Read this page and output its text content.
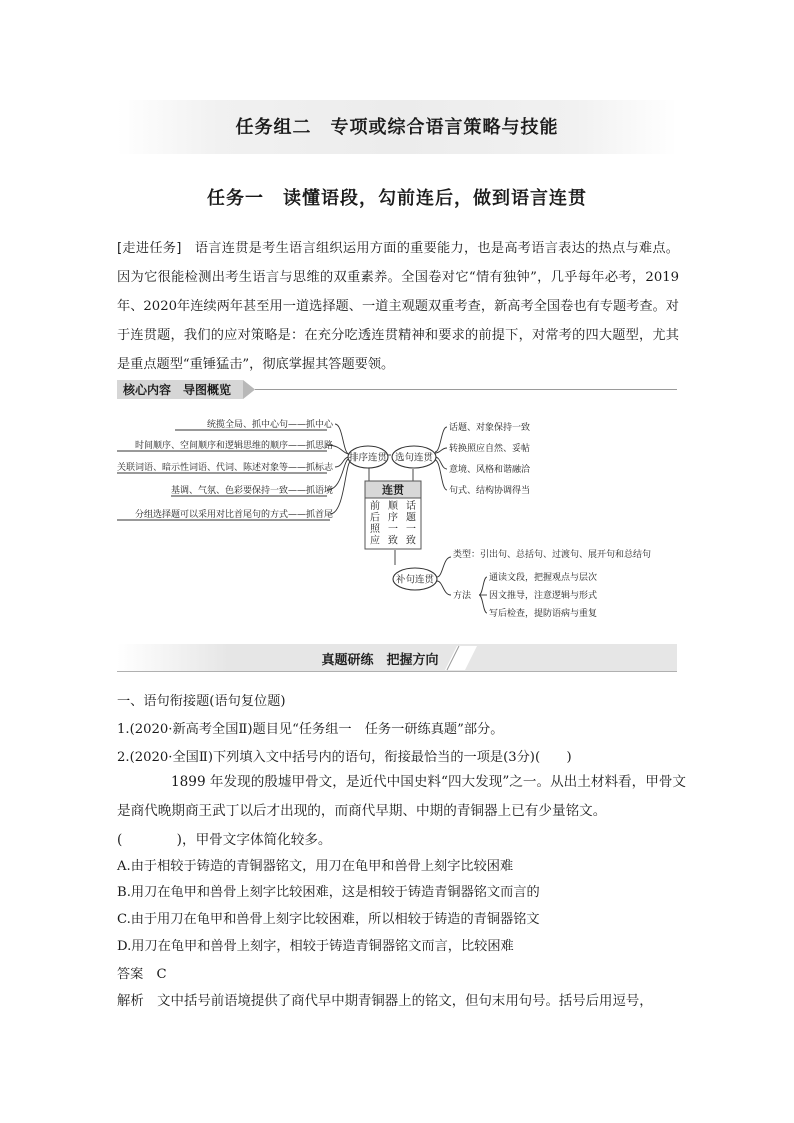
任务组二　专项或综合语言策略与技能
任务一　读懂语段，勾前连后，做到语言连贯
[走进任务]  语言连贯是考生语言组织运用方面的重要能力，也是高考语言表达的热点与难点。因为它很能检测出考生语言与思维的双重素养。全国卷对它“情有独钟”，几乎每年必考，2019年、2020年连续两年甚至用一道选择题、一道主观题双重考查，新高考全国卷也有专题考查。对于连贯题，我们的应对策略是：在充分吃透连贯精神和要求的前提下，对常考的四大题型，尤其是重点题型“重锤猛击”，彻底掌握其答题要领。
核心内容　导图概览
排序连贯 选句连贯
统揽全局、抓中心句——抓中心
时间顺序、空间顺序和逻辑思维的顺序——抓思路
关联词语、暗示性词语、代词、陈述对象等——抓标志
基调、气氛、色彩要保持一致——抓语境
分组选择题可以采用对比首尾句的方式——抓首尾
话题、对象保持一致
转换照应自然、妥帖
意境、风格和谐融洽
句式、结构协调得当
连贯
话题一致
顺序一致
前后照应
补句连贯
类型：引出句、总括句、过渡句、展开句和总结句
方法
通读文段，把握观点与层次
因文推导，注意逻辑与形式
写后检查，提防语病与重复
真题研练　把握方向
一、语句衔接题(语句复位题)
1.(2020·新高考全国Ⅱ)题目见“任务组一　任务一研练真题”部分。
2.(2020·全国Ⅱ)下列填入文中括号内的语句，衔接最恰当的一项是(3分)(　　)
1899 年发现的殷墟甲骨文，是近代中国史料“四大发现”之一。从出土材料看，甲骨文
是商代晚期商王武丁以后才出现的，而商代早期、中期的青铜器上已有少量铭文。
(　　　　)，甲骨文字体简化较多。
A.由于相较于铸造的青铜器铭文，用刀在龟甲和兽骨上刻字比较困难
B.用刀在龟甲和兽骨上刻字比较困难，这是相较于铸造青铜器铭文而言的
C.由于用刀在龟甲和兽骨上刻字比较困难，所以相较于铸造的青铜器铭文
D.用刀在龟甲和兽骨上刻字，相较于铸造青铜器铭文而言，比较困难
答案　C
解析　文中括号前语境提供了商代早中期青铜器上的铭文，但句末用句号。括号后用逗号，
